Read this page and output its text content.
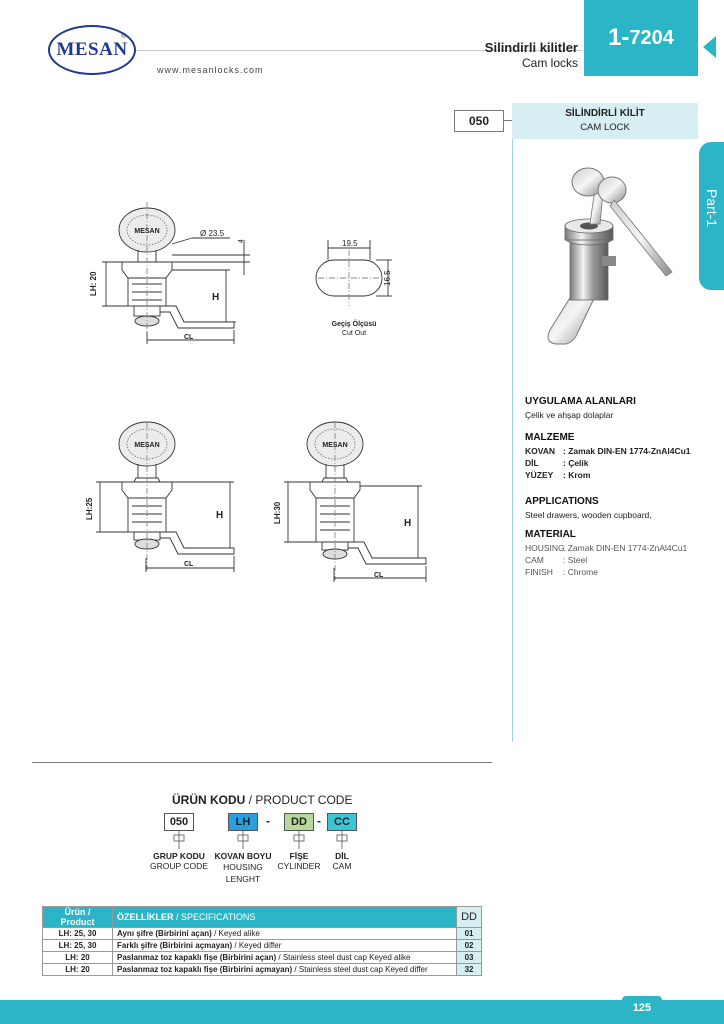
MESAN
®
www.mesanlocks.com
Silindirli kilitler
Cam locks
1- 7204
SİLİNDİRLİ KİLİT
CAM LOCK
050
Part-1
MESAN	Ø 23.5
4
LH: 20
H
CL
19.5
16.5
Geçiş Ölçüsü
Cut Out
MESAN
LH:25	H
CL
MESAN
LH:30	H
CL
UYGULAMA ALANLARI
Çelik ve ahşap dolaplar
MALZEME
KOVAN : Zamak DIN-EN 1774-ZnAl4Cu1
DİL	: Çelik
YÜZEY : Krom
APPLICATIONS
Steel drawers, wooden cupboard,
MATERIAL
HOUSING: Zamak DIN-EN 1774-ZnAl4Cu1
CAM : Steel
FINISH : Chrome
ÜRÜN KODU / PRODUCT CODE
050	LH	-	DD -	CC
GRUP KODU
GROUP CODE
KOVAN BOYU
HOUSING
LENGHT
FİŞE
CYLINDER
DİL
CAM
Ürün / Product	ÖZELLİKLER / SPECIFICATIONS	DD
LH: 25, 30	Aynı şifre (Birbirini açan) / Keyed alike	01
LH: 25, 30	Farklı şifre (Birbirini açmayan) / Keyed differ	02
LH: 20	Paslanmaz toz kapaklı fişe (Birbirini açan) / Stainless steel dust cap Keyed alike	03
LH: 20	Paslanmaz toz kapaklı fişe (Birbirini açmayan) / Stainless steel dust cap Keyed differ	32
125
